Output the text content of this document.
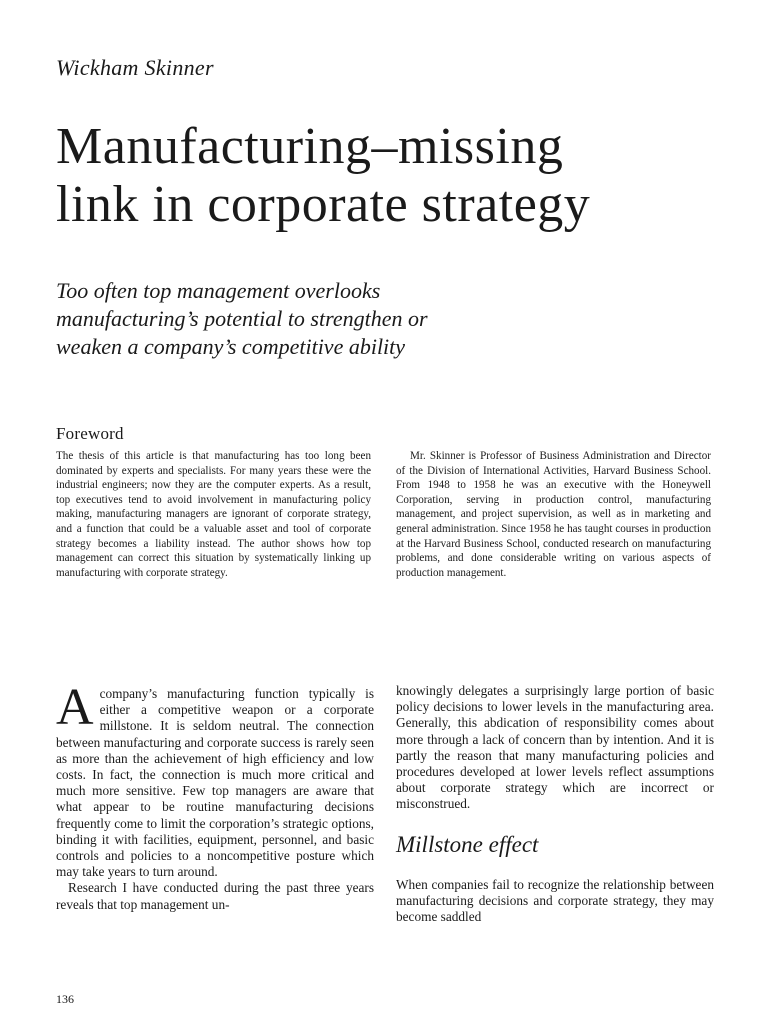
Wickham Skinner
Manufacturing–missing
link in corporate strategy
Too often top management overlooks
manufacturing’s potential to strengthen or
weaken a company’s competitive ability
Foreword
The thesis of this article is that manufacturing has too long been dominated by experts and specialists. For many years these were the industrial engineers; now they are the computer experts. As a result, top executives tend to avoid involvement in manufacturing policy making, manufacturing managers are ignorant of corporate strategy, and a function that could be a valuable asset and tool of corporate strategy becomes a liability instead. The author shows how top management can correct this situation by systematically linking up manufacturing with corporate strategy.
Mr. Skinner is Professor of Business Administration and Director of the Division of International Activities, Harvard Business School. From 1948 to 1958 he was an executive with the Honeywell Corporation, serving in production control, manufacturing management, and project supervision, as well as in marketing and general administration. Since 1958 he has taught courses in production at the Harvard Business School, conducted research on manufacturing problems, and done considerable writing on various aspects of production management.

Acompany’s manufacturing function typically is either a competitive weapon or a corporate millstone. It is seldom neutral. The connection between manufacturing and corporate success is rarely seen as more than the achievement of high efficiency and low costs. In fact, the connection is much more critical and much more sensitive. Few top managers are aware that what appear to be routine manufacturing decisions frequently come to limit the corporation’s strategic options, binding it with facilities, equipment, personnel, and basic controls and policies to a noncompetitive posture which may take years to turn around.

Research I have conducted during the past three years reveals that top management un-

knowingly delegates a surprisingly large portion of basic policy decisions to lower levels in the manufacturing area. Generally, this abdication of responsibility comes about more through a lack of concern than by intention. And it is partly the reason that many manufacturing policies and procedures developed at lower levels reflect assumptions about corporate strategy which are incorrect or misconstrued.

Millstone effect

When companies fail to recognize the relationship between manufacturing decisions and corporate strategy, they may become saddled

136
